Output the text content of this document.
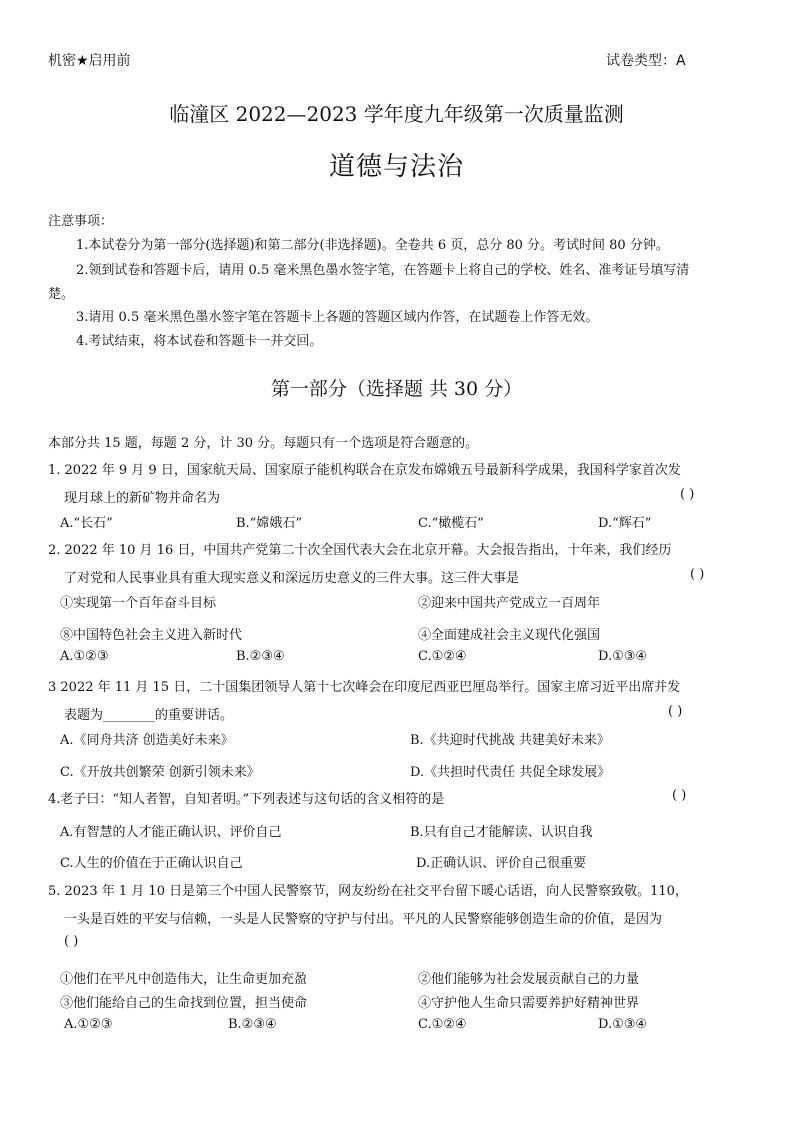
机密★启用前	试卷类型：A
临潼区 2022—2023 学年度九年级第一次质量监测
道德与法治
注意事项：
1.本试卷分为第一部分(选择题)和第二部分(非选择题)。全卷共 6 页，总分 80 分。考试时间 80 分钟。
2.领到试卷和答题卡后，请用 0.5 毫米黑色墨水签字笔，在答题卡上将自己的学校、姓名、准考证号填写清
楚。
3.请用 0.5 毫米黑色墨水签字笔在答题卡上各题的答题区域内作答，在试题卷上作答无效。
4.考试结束，将本试卷和答题卡一并交回。
第一部分（选择题 共 30 分）
本部分共 15 题，每题 2 分，计 30 分。每题只有一个选项是符合题意的。
1. 2022 年 9 月 9 日，国家航天局、国家原子能机构联合在京发布嫦娥五号最新科学成果，我国科学家首次发
现月球上的新矿物并命名为	( )
A.“长石”	B.“嫦娥石”	C.“橄榄石”	D.“辉石”
2. 2022 年 10 月 16 日，中国共产党第二十次全国代表大会在北京开幕。大会报告指出，十年来，我们经历
了对党和人民事业具有重大现实意义和深远历史意义的三件大事。这三件大事是	( )
①实现第一个百年奋斗目标	②迎来中国共产党成立一百周年
⑧中国特色社会主义进入新时代	④全面建成社会主义现代化强国
A.①②③	B.②③④	C.①②④	D.①③④
3 2022 年 11 月 15 日，二十国集团领导人第十七次峰会在印度尼西亚巴厘岛举行。国家主席习近平出席并发
表题为________的重要讲话。	( )
A.《同舟共济 创造美好未来》	B.《共迎时代挑战 共建美好未来》
C.《开放共创繁荣 创新引领未来》	D.《共担时代责任 共促全球发展》
4.老子曰：“知人者智，自知者明。”下列表述与这句话的含义相符的是	( )
A.有智慧的人才能正确认识、评价自己	B.只有自己才能解读、认识自我
C.人生的价值在于正确认识自己	D.正确认识、评价自己很重要
5. 2023 年 1 月 10 日是第三个中国人民警察节，网友纷纷在社交平台留下暖心话语，向人民警察致敬。110，
一头是百姓的平安与信赖，一头是人民警察的守护与付出。平凡的人民警察能够创造生命的价值，是因为
( )
①他们在平凡中创造伟大，让生命更加充盈	②他们能够为社会发展贡献自己的力量
③他们能给自己的生命找到位置，担当使命	④守护他人生命只需要养护好精神世界
A.①②③	B.②③④	C.①②④	D.①③④
